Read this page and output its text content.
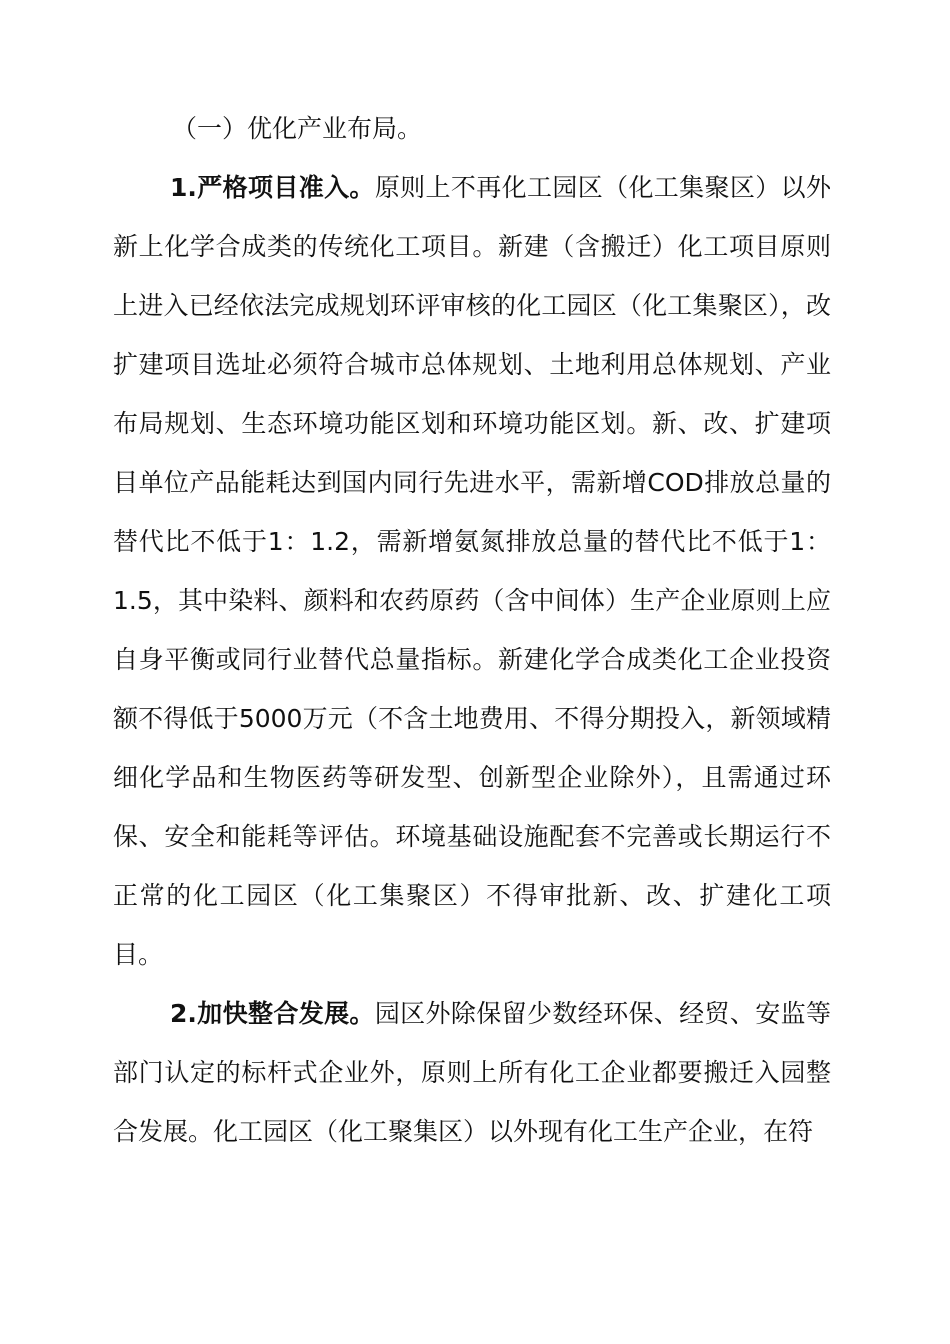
（一）优化产业布局。

1.严格项目准入。原则上不再化工园区（化工集聚区）以外新上化学合成类的传统化工项目。新建（含搬迁）化工项目原则上进入已经依法完成规划环评审核的化工园区（化工集聚区），改扩建项目选址必须符合城市总体规划、土地利用总体规划、产业布局规划、生态环境功能区划和环境功能区划。新、改、扩建项目单位产品能耗达到国内同行先进水平，需新增COD排放总量的替代比不低于1：1.2，需新增氨氮排放总量的替代比不低于1：1.5，其中染料、颜料和农药原药（含中间体）生产企业原则上应自身平衡或同行业替代总量指标。新建化学合成类化工企业投资额不得低于5000万元（不含土地费用、不得分期投入，新领域精细化学品和生物医药等研发型、创新型企业除外），且需通过环保、安全和能耗等评估。环境基础设施配套不完善或长期运行不正常的化工园区（化工集聚区）不得审批新、改、扩建化工项目。

2.加快整合发展。园区外除保留少数经环保、经贸、安监等部门认定的标杆式企业外，原则上所有化工企业都要搬迁入园整合发展。化工园区（化工聚集区）以外现有化工生产企业，在符
